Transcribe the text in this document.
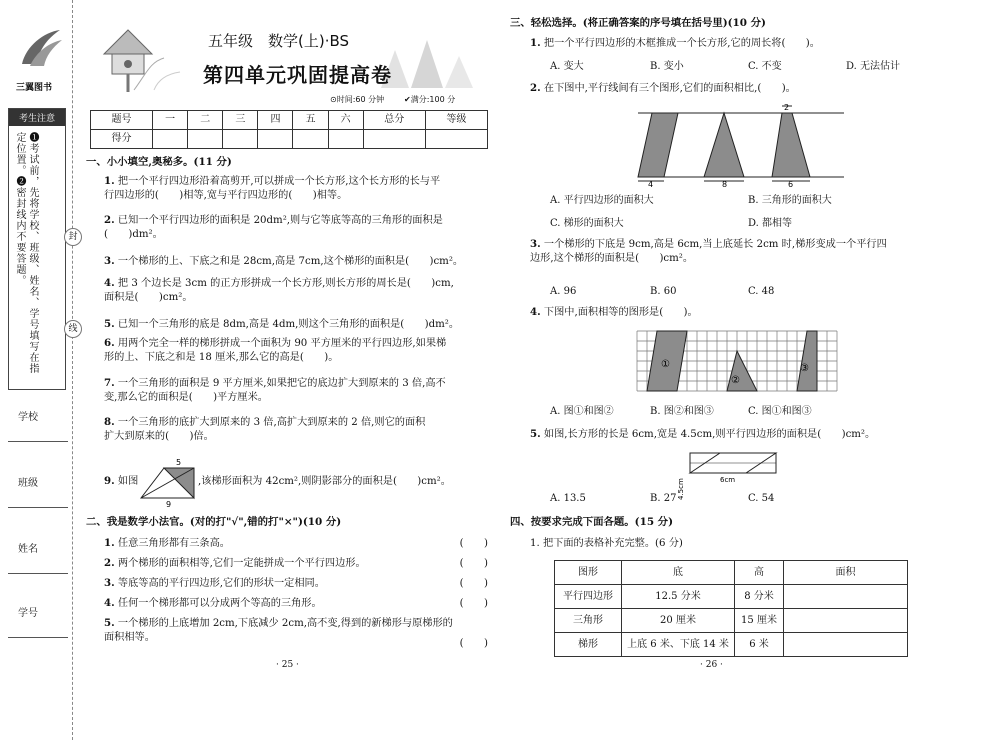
三翼图书
考生注意
❶考试前，先将学校、班级、姓名、学号填写在指定位置。❷密封线内不要答题。	封
线
学校
班级
姓名
学号
五年级　数学(上)·BS
第四单元巩固提高卷
⊙时间:60 分钟 ✔满分:100 分
题号	一	二	三	四	五	六	总分	等级
得分								
一、小小填空,奥秘多。(11 分)
1. 把一个平行四边形沿着高剪开,可以拼成一个长方形,这个长方形的长与平
行四边形的(　　)相等,宽与平行四边形的(　　)相等。
2. 已知一个平行四边形的面积是 20dm²,则与它等底等高的三角形的面积是
(　　)dm²。
3. 一个梯形的上、下底之和是 28cm,高是 7cm,这个梯形的面积是(　　)cm²。
4. 把 3 个边长是 3cm 的正方形拼成一个长方形,则长方形的周长是(　　)cm,
面积是(　　)cm²。
5. 已知一个三角形的底是 8dm,高是 4dm,则这个三角形的面积是(　　)dm²。
6. 用两个完全一样的梯形拼成一个面积为 90 平方厘米的平行四边形,如果梯
形的上、下底之和是 18 厘米,那么它的高是(　　)。
7. 一个三角形的面积是 9 平方厘米,如果把它的底边扩大到原来的 3 倍,高不
变,那么它的面积是(　　)平方厘米。
8. 一个三角形的底扩大到原来的 3 倍,高扩大到原来的 2 倍,则它的面积
扩大到原来的(　　)倍。
9. 如图
5
9
,该梯形面积为 42cm²,则阴影部分的面积是(　　)cm²。
二、我是数学小法官。(对的打"√",错的打"×")(10 分)
1. 任意三角形都有三条高。	(　　)
2. 两个梯形的面积相等,它们一定能拼成一个平行四边形。	(　　)
3. 等底等高的平行四边形,它们的形状一定相同。	(　　)
4. 任何一个梯形都可以分成两个等高的三角形。	(　　)
5. 一个梯形的上底增加 2cm,下底减少 2cm,高不变,得到的新梯形与原梯形的
面积相等。
(　　)
· 25 ·
三、轻松选择。(将正确答案的序号填在括号里)(10 分)
1. 把一个平行四边形的木框推成一个长方形,它的周长将(　　)。
A. 变大	B. 变小	C. 不变	D. 无法估计
2. 在下图中,平行线间有三个图形,它们的面积相比,(　　)。
2
4	8	6
A. 平行四边形的面积大	B. 三角形的面积大
C. 梯形的面积大	D. 都相等
3. 一个梯形的下底是 9cm,高是 6cm,当上底延长 2cm 时,梯形变成一个平行四
边形,这个梯形的面积是(　　)cm²。
A. 96	B. 60	C. 48
4. 下图中,面积相等的图形是(　　)。
①
②
③
A. 图①和图②	B. 图②和图③	C. 图①和图③
5. 如图,长方形的长是 6cm,宽是 4.5cm,则平行四边形的面积是(　　)cm²。
4.5cm	6cm
A. 13.5	B. 27	C. 54
四、按要求完成下面各题。(15 分)
1. 把下面的表格补充完整。(6 分)
图形	底	高	面积
平行四边形	12.5 分米	8 分米	
三角形	20 厘米	15 厘米	
梯形	上底 6 米、下底 14 米	6 米	
· 26 ·
